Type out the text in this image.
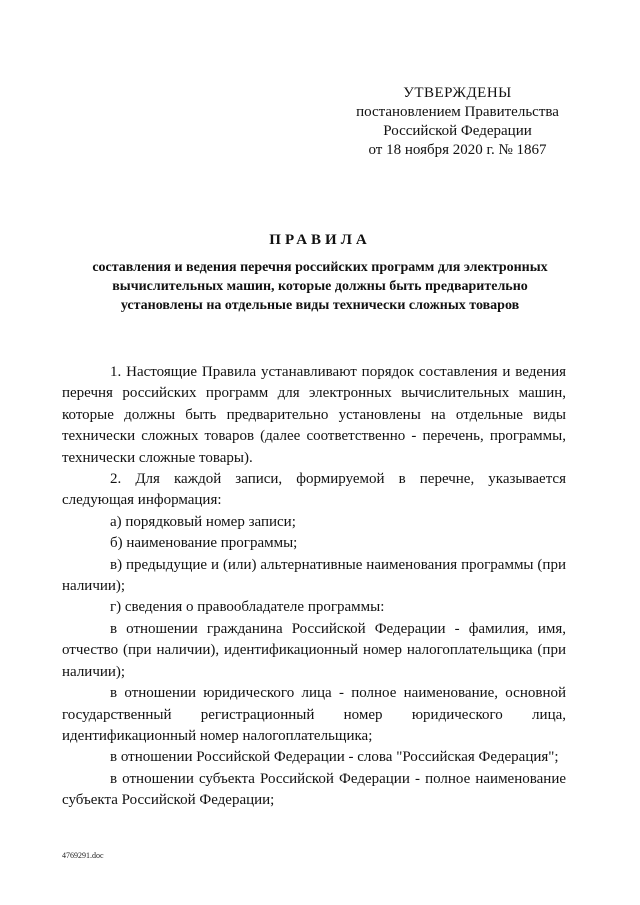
УТВЕРЖДЕНЫ
постановлением Правительства
Российской Федерации
от 18 ноября 2020 г. № 1867
ПРАВИЛА
составления и ведения перечня российских программ для электронных вычислительных машин, которые должны быть предварительно установлены на отдельные виды технически сложных товаров

1. Настоящие Правила устанавливают порядок составления и ведения перечня российских программ для электронных вычислительных машин, которые должны быть предварительно установлены на отдельные виды технически сложных товаров (далее соответственно - перечень, программы, технически сложные товары).

2. Для каждой записи, формируемой в перечне, указывается следующая информация:

а) порядковый номер записи;

б) наименование программы;

в) предыдущие и (или) альтернативные наименования программы (при наличии);

г) сведения о правообладателе программы:

в отношении гражданина Российской Федерации - фамилия, имя, отчество (при наличии), идентификационный номер налогоплательщика (при наличии);

в отношении юридического лица - полное наименование, основной государственный регистрационный номер юридического лица, идентификационный номер налогоплательщика;

в отношении Российской Федерации - слова "Российская Федерация";

в отношении субъекта Российской Федерации - полное наименование субъекта Российской Федерации;

4769291.doc
